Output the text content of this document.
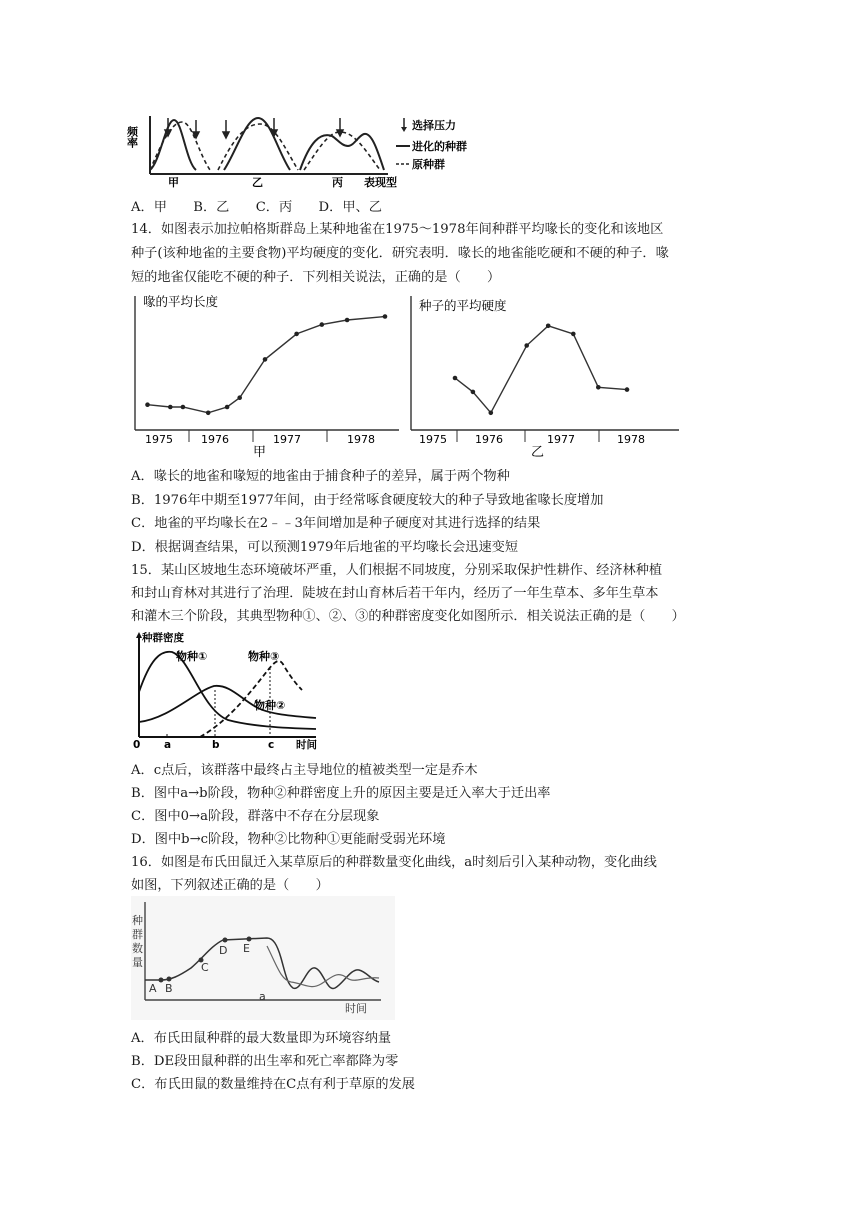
频率
甲	乙	丙 表现型
选择压力
进化的种群
原种群
A．甲　　B．乙　　C．丙　　D．甲、乙
14．如图表示加拉帕格斯群岛上某种地雀在1975～1978年间种群平均喙长的变化和该地区
种子(该种地雀的主要食物)平均硬度的变化．研究表明．喙长的地雀能吃硬和不硬的种子．喙
短的地雀仅能吃不硬的种子．下列相关说法，正确的是（　　）
喙的平均长度
1975	1976	1977	1978
甲
种子的平均硬度
1975	1976	1977	1978
乙
A．喙长的地雀和喙短的地雀由于捕食种子的差异，属于两个物种
B．1976年中期至1977年间，由于经常啄食硬度较大的种子导致地雀喙长度增加
C．地雀的平均喙长在2﹣﹣3年间增加是种子硬度对其进行选择的结果
D．根据调查结果，可以预测1979年后地雀的平均喙长会迅速变短
15．某山区坡地生态环境破坏严重，人们根据不同坡度，分别采取保护性耕作、经济林种植
和封山育林对其进行了治理．陡坡在封山育林后若干年内，经历了一年生草本、多年生草本
和灌木三个阶段，其典型物种①、②、③的种群密度变化如图所示．相关说法正确的是（　　）
种群密度
时间
0 a	b	c
物种①	物种③
物种②
A．c点后，该群落中最终占主导地位的植被类型一定是乔木
B．图中a→b阶段，物种②种群密度上升的原因主要是迁入率大于迁出率
C．图中0→a阶段，群落中不存在分层现象
D．图中b→c阶段，物种②比物种①更能耐受弱光环境
16．如图是布氏田鼠迁入某草原后的种群数量变化曲线，a时刻后引入某种动物，变化曲线
如图，下列叙述正确的是（　　）
种
群
数
量
A B
C
D E
a
时间
A．布氏田鼠种群的最大数量即为环境容纳量
B．DE段田鼠种群的出生率和死亡率都降为零
C．布氏田鼠的数量维持在C点有利于草原的发展
